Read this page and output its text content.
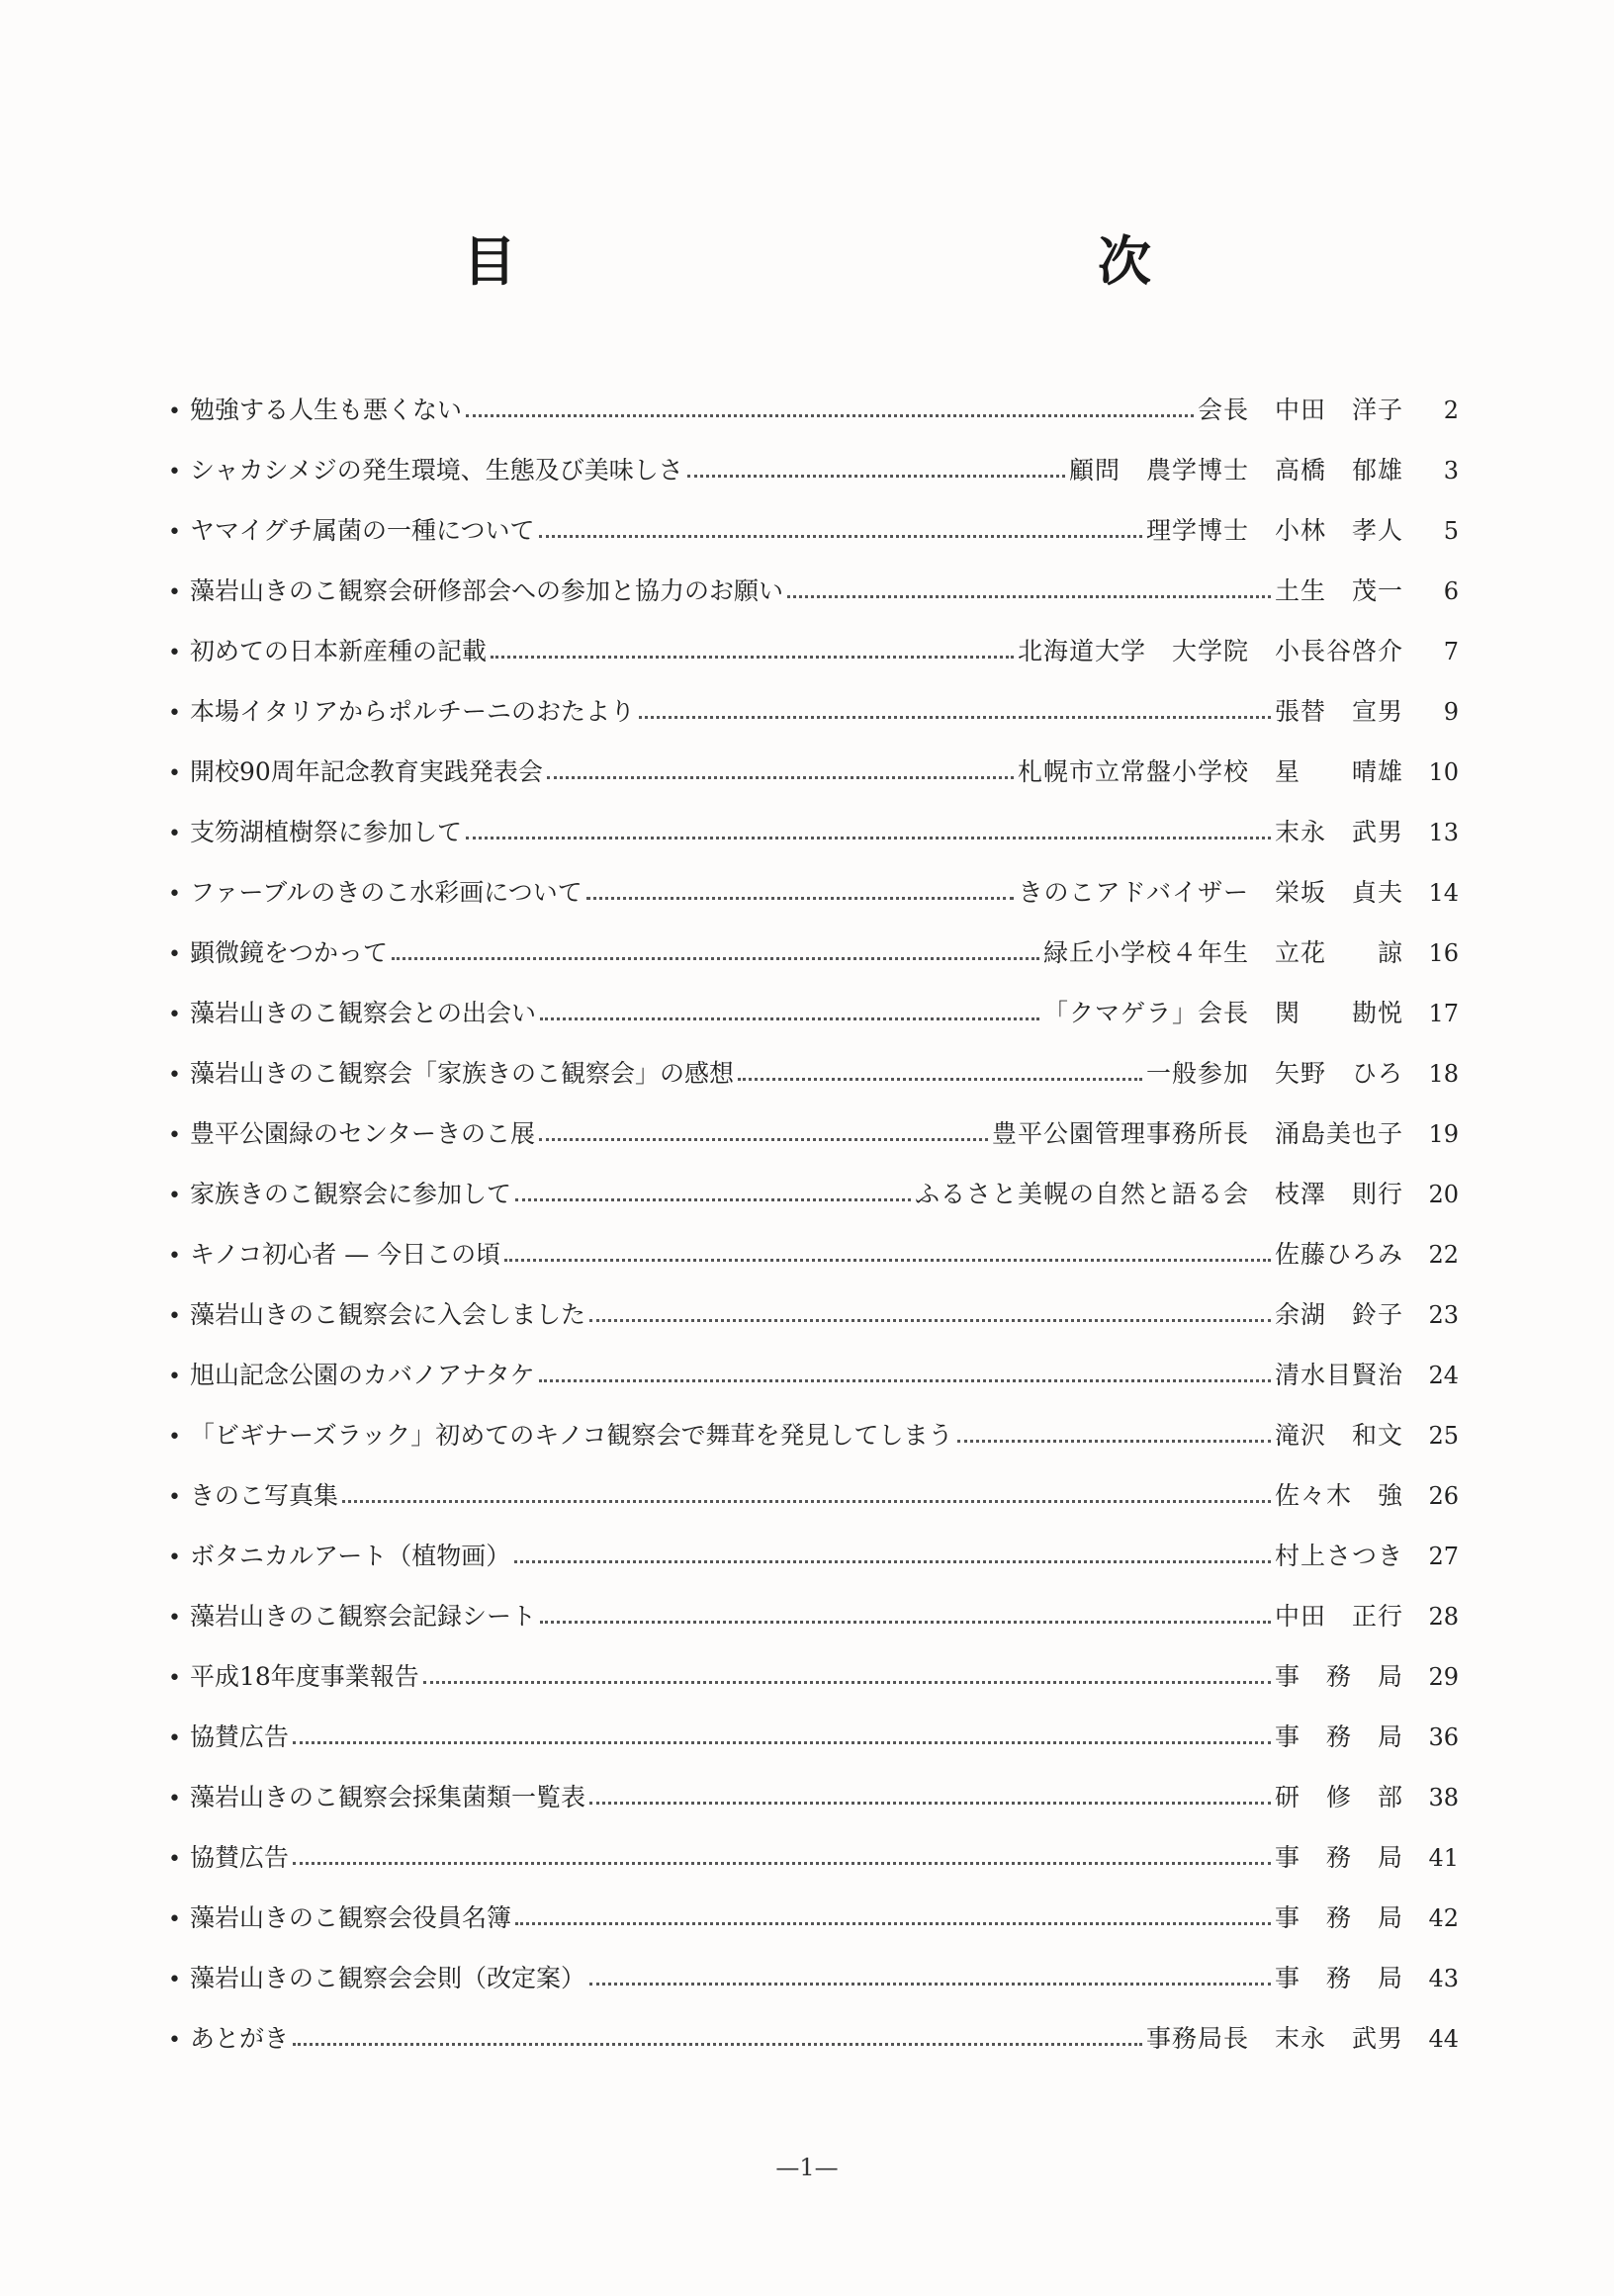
目　　次
• 勉強する人生も悪くない	会長　中田　洋子	2
• シャカシメジの発生環境、生態及び美味しさ	顧問　農学博士　高橋　郁雄	3
• ヤマイグチ属菌の一種について	理学博士　小林　孝人	5
• 藻岩山きのこ観察会研修部会への参加と協力のお願い	土生　茂一	6
• 初めての日本新産種の記載	北海道大学　大学院　小長谷啓介	7
• 本場イタリアからポルチーニのおたより	張替　宣男	9
• 開校90周年記念教育実践発表会	札幌市立常盤小学校　星　　晴雄	10
• 支笏湖植樹祭に参加して	末永　武男	13
• ファーブルのきのこ水彩画について	きのこアドバイザー　栄坂　貞夫	14
• 顕微鏡をつかって	緑丘小学校４年生　立花　　諒	16
• 藻岩山きのこ観察会との出会い	「クマゲラ」会長　関　　勘悦	17
• 藻岩山きのこ観察会「家族きのこ観察会」の感想	一般参加　矢野　ひろ	18
• 豊平公園緑のセンターきのこ展	豊平公園管理事務所長　涌島美也子	19
• 家族きのこ観察会に参加して	ふるさと美幌の自然と語る会　枝澤　則行	20
• キノコ初心者 — 今日この頃	佐藤ひろみ	22
• 藻岩山きのこ観察会に入会しました	余湖　鈴子	23
• 旭山記念公園のカバノアナタケ	清水目賢治	24
• 「ビギナーズラック」初めてのキノコ観察会で舞茸を発見してしまう	滝沢　和文	25
• きのこ写真集	佐々木　強	26
• ボタニカルアート（植物画）	村上さつき	27
• 藻岩山きのこ観察会記録シート	中田　正行	28
• 平成18年度事業報告	事　務　局	29
• 協賛広告	事　務　局	36
• 藻岩山きのこ観察会採集菌類一覧表	研　修　部	38
• 協賛広告	事　務　局	41
• 藻岩山きのこ観察会役員名簿	事　務　局	42
• 藻岩山きのこ観察会会則（改定案）	事　務　局	43
• あとがき	事務局長　末永　武男	44
—1—
